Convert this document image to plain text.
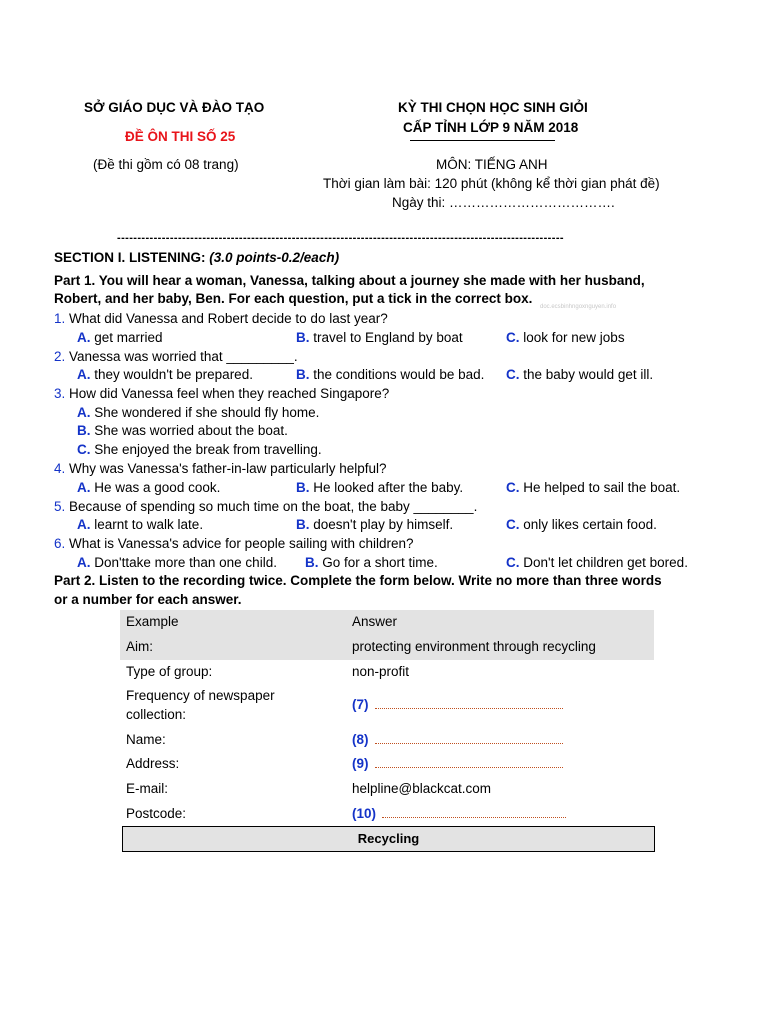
SỞ GIÁO DỤC VÀ ĐÀO TẠO
ĐỀ ÔN THI SỐ 25
(Đề thi gồm có 08 trang)
KỲ THI CHỌN HỌC SINH GIỎI
CẤP TỈNH LỚP 9 NĂM 2018
MÔN: TIẾNG ANH
Thời gian làm bài: 120 phút (không kể thời gian phát đề)
Ngày thi: ……………………………….
--------------------------------------------------------------------------------------------------------------
SECTION I. LISTENING: (3.0 points-0.2/each)
Part 1. You will hear a woman, Vanessa, talking about a journey she made with her husband,
Robert, and her baby, Ben. For each question, put a tick in the correct box.
doc.ecsbinhngoxnguyen.info
1. What did Vanessa and Robert decide to do last year?
A. get married	B. travel to England by boat	C. look for new jobs
2. Vanessa was worried that _________.
A. they wouldn't be prepared.	B. the conditions would be bad. C. the baby would get ill.
3. How did Vanessa feel when they reached Singapore?
A. She wondered if she should fly home.
B. She was worried about the boat.
C. She enjoyed the break from travelling.
4. Why was Vanessa's father-in-law particularly helpful?
A. He was a good cook.	B. He looked after the baby.	C. He helped to sail the boat.
5. Because of spending so much time on the boat, the baby ________.
A. learnt to walk late.	B. doesn't play by himself.	C. only likes certain food.
6. What is Vanessa's advice for people sailing with children?
A. Don'ttake more than one child. B. Go for a short time.	C. Don't let children get bored.
Part 2. Listen to the recording twice. Complete the form below. Write no more than three words
or a number for each answer.
Example	Answer
Aim:	protecting environment through recycling
Type of group:	non-profit
Frequency of newspaper
collection:
(7)
Name:	(8)
Address:	(9)
E-mail:	helpline@blackcat.com
Postcode:	(10)
Recycling
